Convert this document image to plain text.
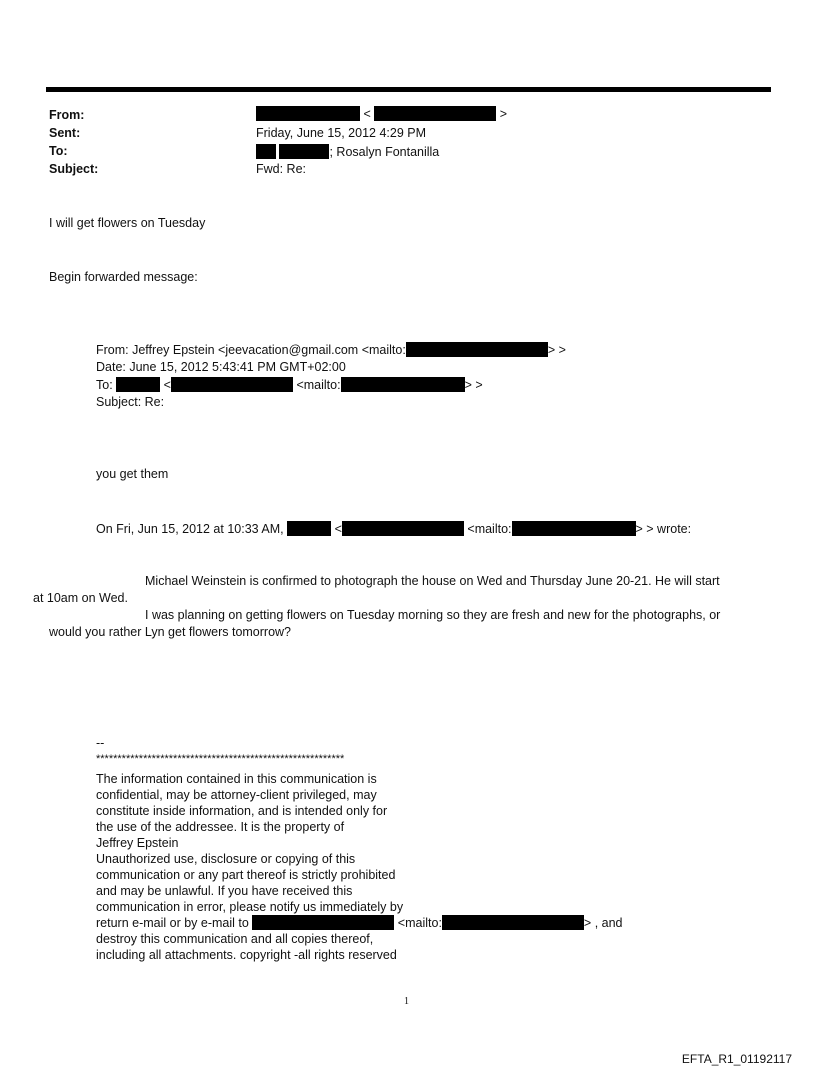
From:	<	>
Sent:	Friday, June 15, 2012 4:29 PM
To:	; Rosalyn Fontanilla
Subject:	Fwd: Re:
I will get flowers on Tuesday
Begin forwarded message:
From: Jeffrey Epstein <jeevacation@gmail.com <mailto:	> >
Date: June 15, 2012 5:43:41 PM GMT+02:00
To:	<	<mailto:	> >
Subject: Re:
you get them
On Fri, Jun 15, 2012 at 10:33 AM,	<	<mailto:	> > wrote:
Michael Weinstein is confirmed to photograph the house on Wed and Thursday June 20-21. He will start
at 10am on Wed.
I was planning on getting flowers on Tuesday morning so they are fresh and new for the photographs, or
would you rather Lyn get flowers tomorrow?
--
**********************************************************
The information contained in this communication is
confidential, may be attorney-client privileged, may
constitute inside information, and is intended only for
the use of the addressee. It is the property of
Jeffrey Epstein
Unauthorized use, disclosure or copying of this
communication or any part thereof is strictly prohibited
and may be unlawful. If you have received this
communication in error, please notify us immediately by
return e-mail or by e-mail to	<mailto:	> , and
destroy this communication and all copies thereof,
including all attachments. copyright -all rights reserved
1
EFTA_R1_01192117
